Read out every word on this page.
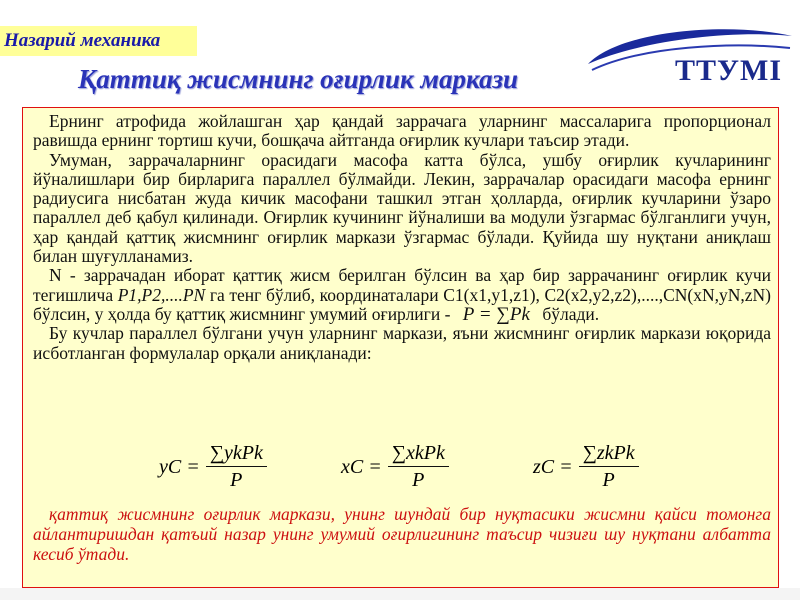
Назарий механика
ТТУМI
Қаттиқ жисмнинг оғирлик маркази

Ернинг атрофида жойлашган ҳар қандай заррачага уларнинг массаларига пропорционал равишда ернинг тортиш кучи, бошқача айтганда оғирлик кучлари таъсир этади.

Умуман, заррачаларнинг орасидаги масофа катта бўлса, ушбу оғирлик кучларининг йўналишлари бир бирларига параллел бўлмайди. Лекин, заррачалар орасидаги масофа ернинг радиусига нисбатан жуда кичик масофани ташкил этган ҳолларда, оғирлик кучларини ўзаро параллел деб қабул қилинади. Оғирлик кучининг йўналиши ва модули ўзгармас бўлганлиги учун, ҳар қандай қаттиқ жисмнинг оғирлик маркази ўзгармас бўлади. Қуйида шу нуқтани аниқлаш билан шуғулланамиз.

N - заррачадан иборат қаттиқ жисм берилган бўлсин ва ҳар бир заррачанинг оғирлик кучи тегишлича P1,P2,....PN га тенг бўлиб, координаталари C1(x1,y1,z1), C2(x2,y2,z2),....,CN(xN,yN,zN) бўлсин, у ҳолда бу қаттиқ жисмнинг умумий оғирлиги - P = ∑Pk бўлади.

Бу кучлар параллел бўлгани учун уларнинг маркази, яъни жисмнинг оғирлик маркази юқорида исботланган формулалар орқали аниқланади:

yC = $\frac{\text{∑ykPk}}{P}$	xC = $\frac{\text{∑xkPk}}{P}$	zC = $\frac{\text{∑zkPk}}{P}$

қаттиқ жисмнинг оғирлик маркази, унинг шундай бир нуқтасики жисмни қайси томонга айлантиришдан қатъий назар унинг умумий оғирлигининг таъсир чизиғи шу нуқтани албатта кесиб ўтади.
